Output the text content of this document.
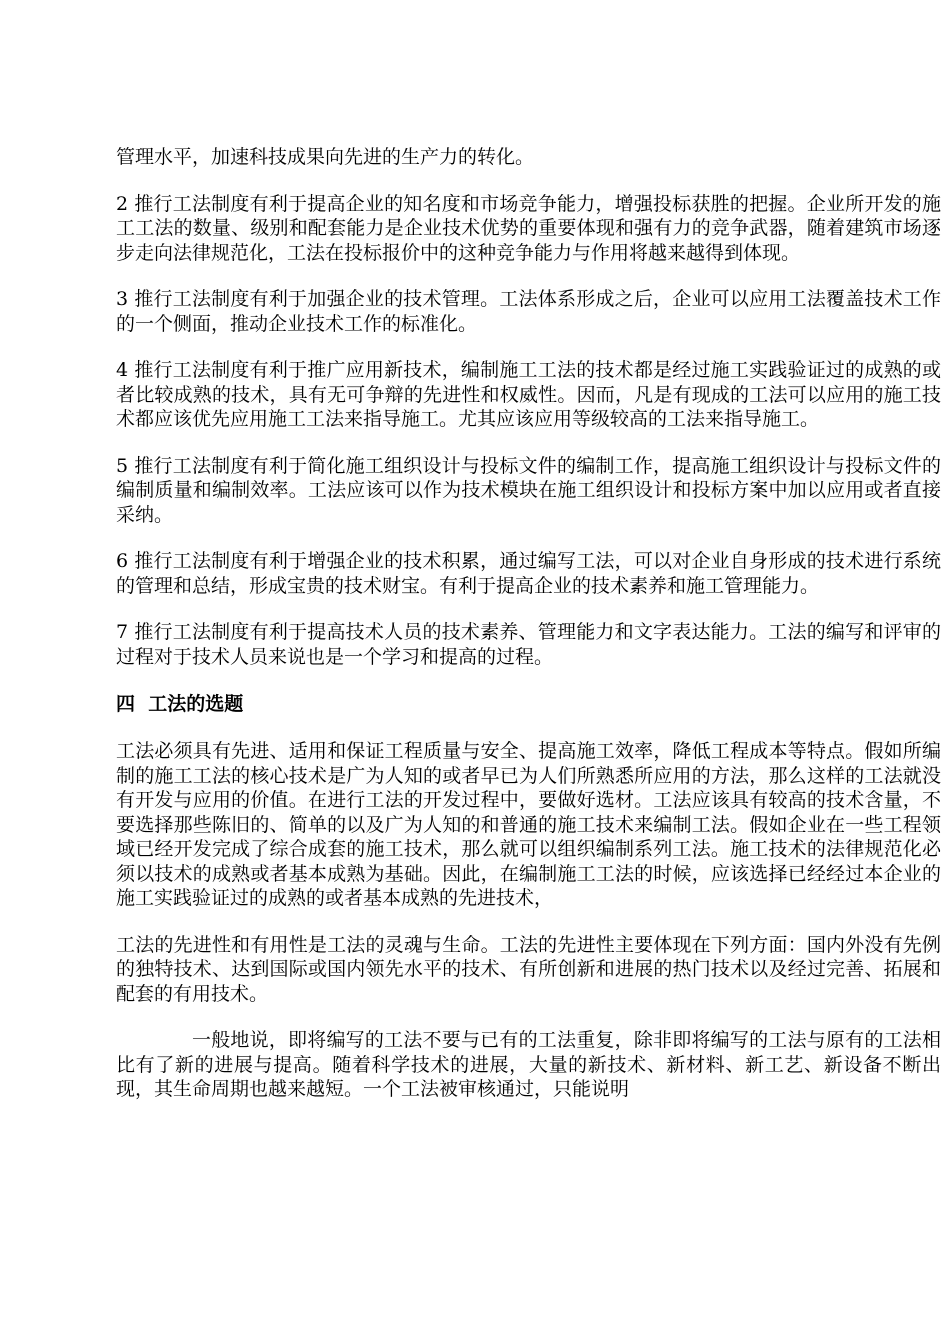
管理水平，加速科技成果向先进的生产力的转化。

2 推行工法制度有利于提高企业的知名度和市场竞争能力，增强投标获胜的把握。企业所开发的施工工法的数量、级别和配套能力是企业技术优势的重要体现和强有力的竞争武器，随着建筑市场逐步走向法律规范化，工法在投标报价中的这种竞争能力与作用将越来越得到体现。

3 推行工法制度有利于加强企业的技术管理。工法体系形成之后，企业可以应用工法覆盖技术工作的一个侧面，推动企业技术工作的标准化。

4 推行工法制度有利于推广应用新技术，编制施工工法的技术都是经过施工实践验证过的成熟的或者比较成熟的技术，具有无可争辩的先进性和权威性。因而，凡是有现成的工法可以应用的施工技术都应该优先应用施工工法来指导施工。尤其应该应用等级较高的工法来指导施工。

5 推行工法制度有利于简化施工组织设计与投标文件的编制工作，提高施工组织设计与投标文件的编制质量和编制效率。工法应该可以作为技术模块在施工组织设计和投标方案中加以应用或者直接采纳。

6 推行工法制度有利于增强企业的技术积累，通过编写工法，可以对企业自身形成的技术进行系统的管理和总结，形成宝贵的技术财宝。有利于提高企业的技术素养和施工管理能力。

7 推行工法制度有利于提高技术人员的技术素养、管理能力和文字表达能力。工法的编写和评审的过程对于技术人员来说也是一个学习和提高的过程。

四  工法的选题

工法必须具有先进、适用和保证工程质量与安全、提高施工效率，降低工程成本等特点。假如所编制的施工工法的核心技术是广为人知的或者早已为人们所熟悉所应用的方法，那么这样的工法就没有开发与应用的价值。在进行工法的开发过程中，要做好选材。工法应该具有较高的技术含量，不要选择那些陈旧的、简单的以及广为人知的和普通的施工技术来编制工法。假如企业在一些工程领域已经开发完成了综合成套的施工技术，那么就可以组织编制系列工法。施工技术的法律规范化必须以技术的成熟或者基本成熟为基础。因此，在编制施工工法的时候，应该选择已经经过本企业的施工实践验证过的成熟的或者基本成熟的先进技术，

工法的先进性和有用性是工法的灵魂与生命。工法的先进性主要体现在下列方面：国内外没有先例的独特技术、达到国际或国内领先水平的技术、有所创新和进展的热门技术以及经过完善、拓展和配套的有用技术。

一般地说，即将编写的工法不要与已有的工法重复，除非即将编写的工法与原有的工法相比有了新的进展与提高。随着科学技术的进展，大量的新技术、新材料、新工艺、新设备不断出现，其生命周期也越来越短。一个工法被审核通过，只能说明
